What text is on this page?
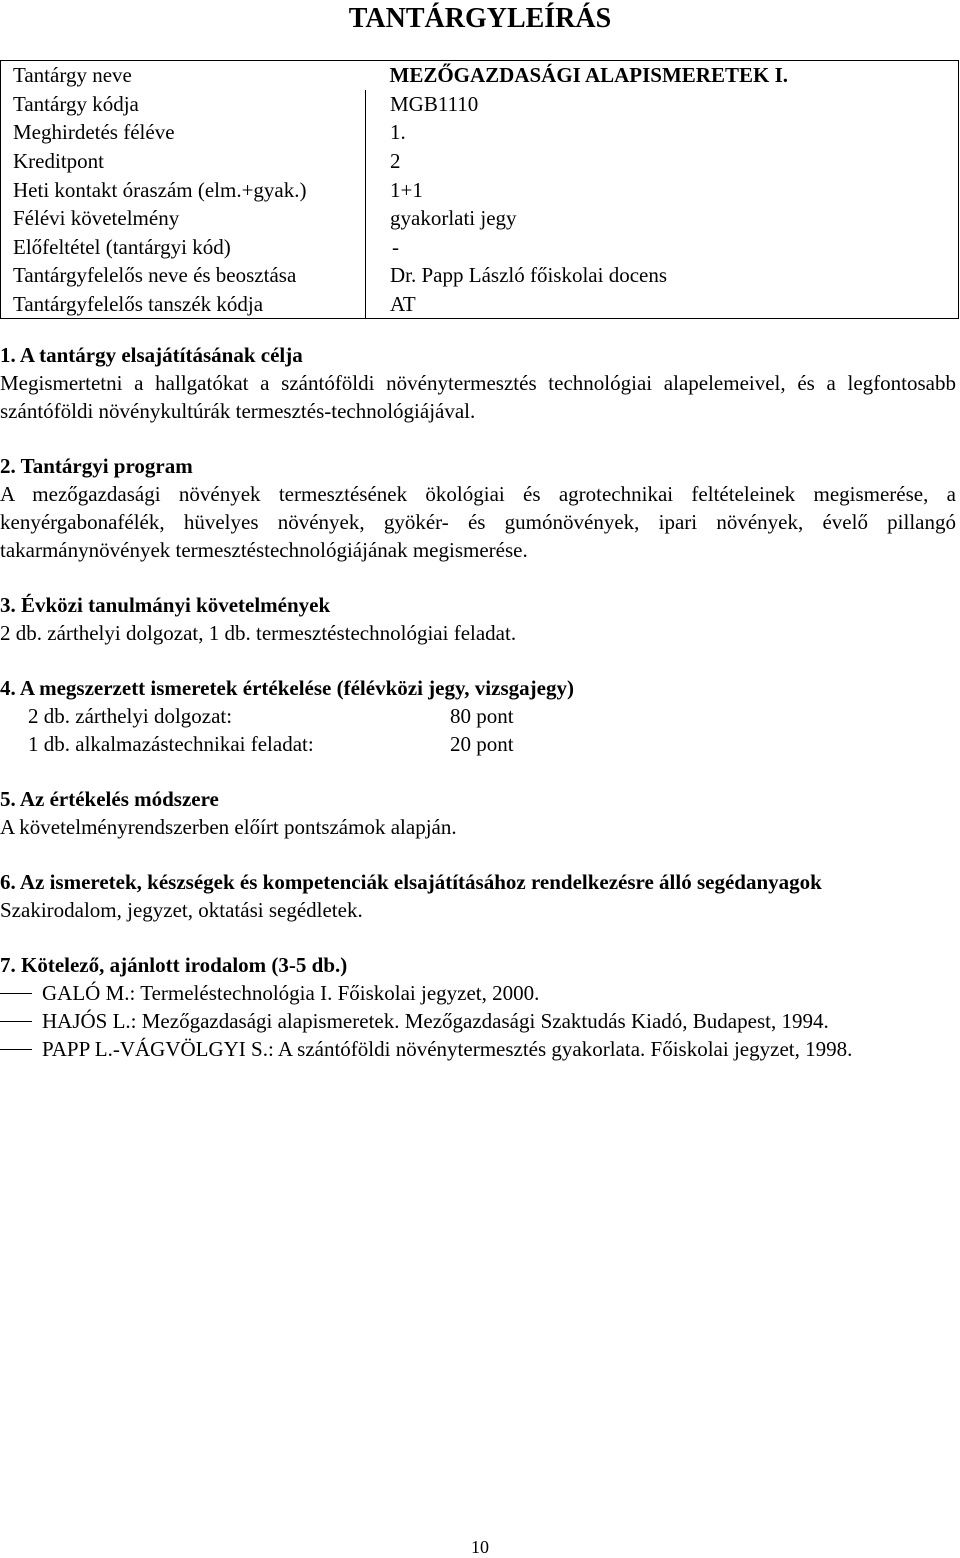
TANTÁRGYLEÍRÁS
Tantárgy neve	MEZŐGAZDASÁGI ALAPISMERETEK I.
Tantárgy kódja	MGB1110
Meghirdetés féléve	1.
Kreditpont	2
Heti kontakt óraszám (elm.+gyak.)	1+1
Félévi követelmény	gyakorlati jegy
Előfeltétel (tantárgyi kód)	-
Tantárgyfelelős neve és beosztása	Dr. Papp László főiskolai docens
Tantárgyfelelős tanszék kódja	AT
1. A tantárgy elsajátításának célja

Megismertetni a hallgatókat a szántóföldi növénytermesztés technológiai alapelemeivel, és a legfontosabb szántóföldi növénykultúrák termesztés-technológiájával.

2. Tantárgyi program

A mezőgazdasági növények termesztésének ökológiai és agrotechnikai feltételeinek megismerése, a kenyérgabonafélék, hüvelyes növények, gyökér- és gumónövények, ipari növények, évelő pillangó takarmánynövények termesztéstechnológiájának megismerése.

3. Évközi tanulmányi követelmények

2 db. zárthelyi dolgozat, 1 db. termesztéstechnológiai feladat.

4. A megszerzett ismeretek értékelése (félévközi jegy, vizsgajegy)
2 db. zárthelyi dolgozat:	80 pont
1 db. alkalmazástechnikai feladat:	20 pont
5. Az értékelés módszere

A követelményrendszerben előírt pontszámok alapján.

6. Az ismeretek, készségek és kompetenciák elsajátításához rendelkezésre álló segédanyagok

Szakirodalom, jegyzet, oktatási segédletek.

7. Kötelező, ajánlott irodalom (3-5 db.)
GALÓ M.: Termeléstechnológia I. Főiskolai jegyzet, 2000.
HAJÓS L.: Mezőgazdasági alapismeretek. Mezőgazdasági Szaktudás Kiadó, Budapest, 1994.
PAPP L.-VÁGVÖLGYI S.: A szántóföldi növénytermesztés gyakorlata. Főiskolai jegyzet, 1998.
10
